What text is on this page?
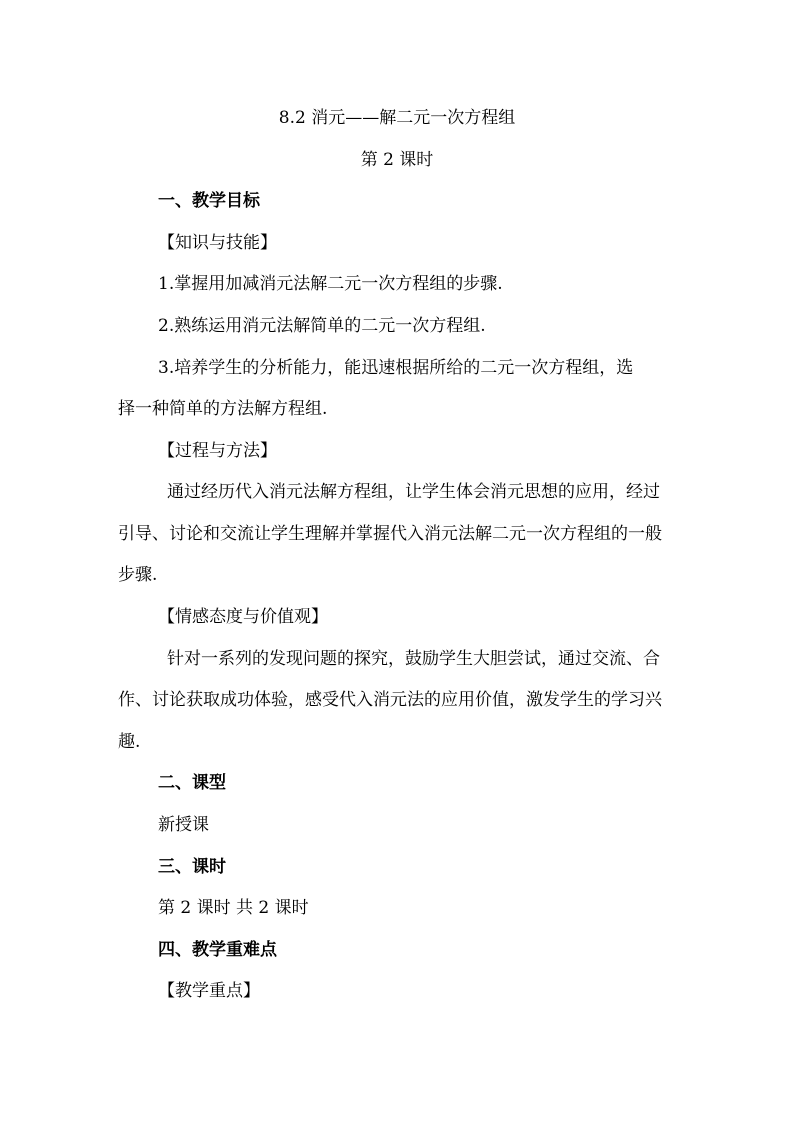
8.2 消元——解二元一次方程组
第 2 课时
一、教学目标
【知识与技能】
1.掌握用加减消元法解二元一次方程组的步骤.
2.熟练运用消元法解简单的二元一次方程组.
3.培养学生的分析能力，能迅速根据所给的二元一次方程组，选
择一种简单的方法解方程组.
【过程与方法】
通过经历代入消元法解方程组，让学生体会消元思想的应用，经过
引导、讨论和交流让学生理解并掌握代入消元法解二元一次方程组的一般
步骤.
【情感态度与价值观】
针对一系列的发现问题的探究，鼓励学生大胆尝试，通过交流、合
作、讨论获取成功体验，感受代入消元法的应用价值，激发学生的学习兴
趣.
二、课型
新授课
三、课时
第 2 课时 共 2 课时
四、教学重难点
【教学重点】
